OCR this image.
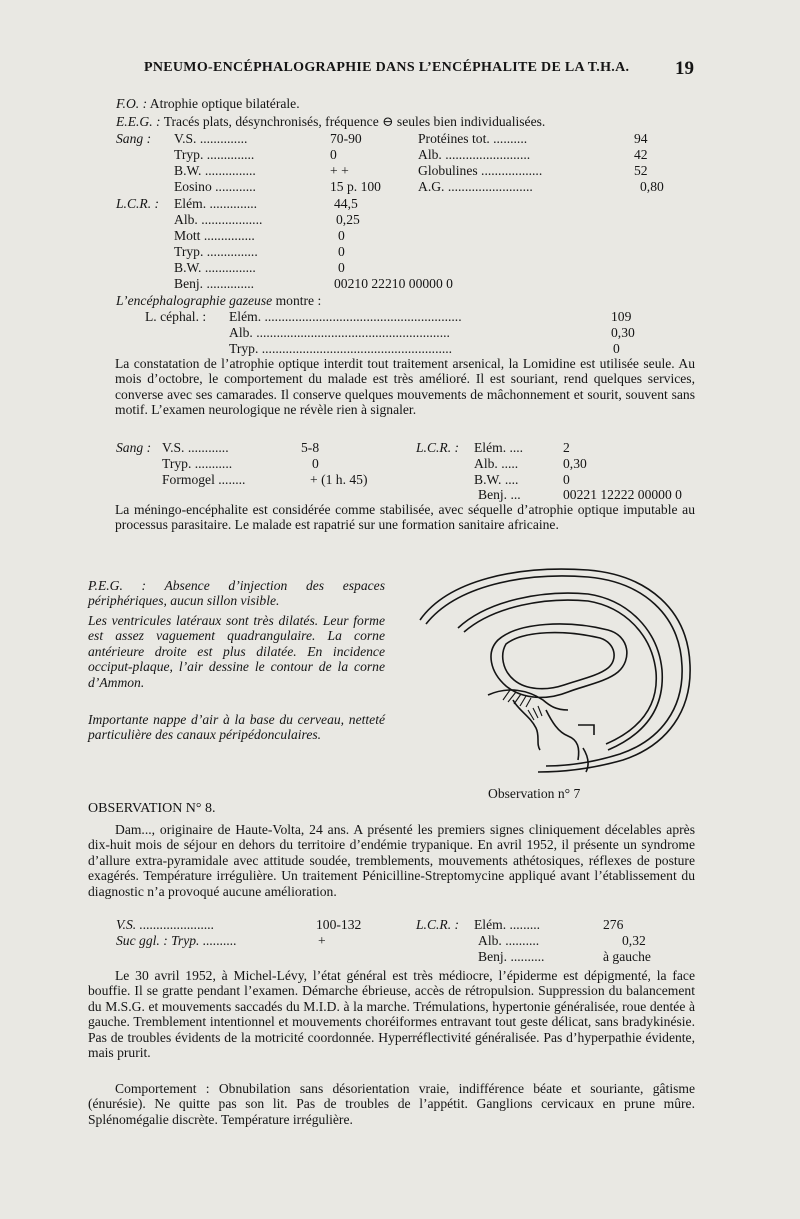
PNEUMO-ENCÉPHALOGRAPHIE DANS L’ENCÉPHALITE DE LA T.H.A. 19
F.O. : Atrophie optique bilatérale.
E.E.G. : Tracés plats, désynchronisés, fréquence ⊖ seules bien individualisées.
Sang : V.S. ..............	70-90
Tryp. ..............	0
B.W. ...............	+ +
Eosino ............	15 p. 100
Protéines tot. ..........	94
Alb. .........................	42
Globulines ..................	52
A.G. .........................	0,80
L.C.R. : Elém. ..............	44,5
Alb. ..................	0,25
Mott ...............	0
Tryp. ...............	0
B.W. ...............	0
Benj. ..............	00210 22210 00000 0
L’encéphalographie gazeuse montre :
L. céphal. : Elém. ..........................................................	109
Alb. .........................................................	0,30
Tryp. ........................................................	0
La constatation de l’atrophie optique interdit tout traitement arsenical, la Lomidine est utilisée seule. Au mois d’octobre, le comportement du malade est très amélioré. Il est souriant, rend quelques services, converse avec ses camarades. Il conserve quelques mouvements de mâchonnement et sourit, souvent sans motif. L’examen neurologique ne révèle rien à signaler.
Sang : V.S. ............	5-8
Tryp. ...........	0
Formogel ........	+ (1 h. 45)
L.C.R. : Elém. ....	2
Alb. .....	0,30
B.W. ....	0
Benj. ...	00221 12222 00000 0
La méningo-encéphalite est considérée comme stabilisée, avec séquelle d’atrophie optique imputable au processus parasitaire. Le malade est rapatrié sur une formation sanitaire africaine.
P.E.G. : Absence d’injection des espaces périphériques, aucun sillon visible.
Les ventricules latéraux sont très dilatés. Leur forme est assez vaguement quadrangulaire. La corne antérieure droite est plus dilatée. En incidence occiput-plaque, l’air dessine le contour de la corne d’Ammon.
Importante nappe d’air à la base du cerveau, netteté particulière des canaux péripédonculaires.
Observation n° 7
OBSERVATION N° 8.
Dam..., originaire de Haute-Volta, 24 ans. A présenté les premiers signes cliniquement décelables après dix-huit mois de séjour en dehors du territoire d’endémie trypanique. En avril 1952, il présente un syndrome d’allure extra-pyramidale avec attitude soudée, tremblements, mouvements athétosiques, réflexes de posture exagérés. Température irrégulière. Un traitement Pénicilline-Streptomycine appliqué avant l’établissement du diagnostic n’a provoqué aucune amélioration.
V.S. ......................	100-132
Suc ggl. : Tryp. ..........	+
L.C.R. : Elém. .........	276
Alb. ..........	0,32
Benj. ..........	à gauche
Le 30 avril 1952, à Michel-Lévy, l’état général est très médiocre, l’épiderme est dépigmenté, la face bouffie. Il se gratte pendant l’examen. Démarche ébrieuse, accès de rétropulsion. Suppression du balancement du M.S.G. et mouvements saccadés du M.I.D. à la marche. Trémulations, hypertonie généralisée, roue dentée à gauche. Tremblement intentionnel et mouvements choréiformes entravant tout geste délicat, sans bradykinésie. Pas de troubles évidents de la motricité coordonnée. Hyperréflectivité généralisée. Pas d’hyperpathie évidente, mais prurit.
Comportement : Obnubilation sans désorientation vraie, indifférence béate et souriante, gâtisme (énurésie). Ne quitte pas son lit. Pas de troubles de l’appétit. Ganglions cervicaux en prune mûre. Splénomégalie discrète. Température irrégulière.
